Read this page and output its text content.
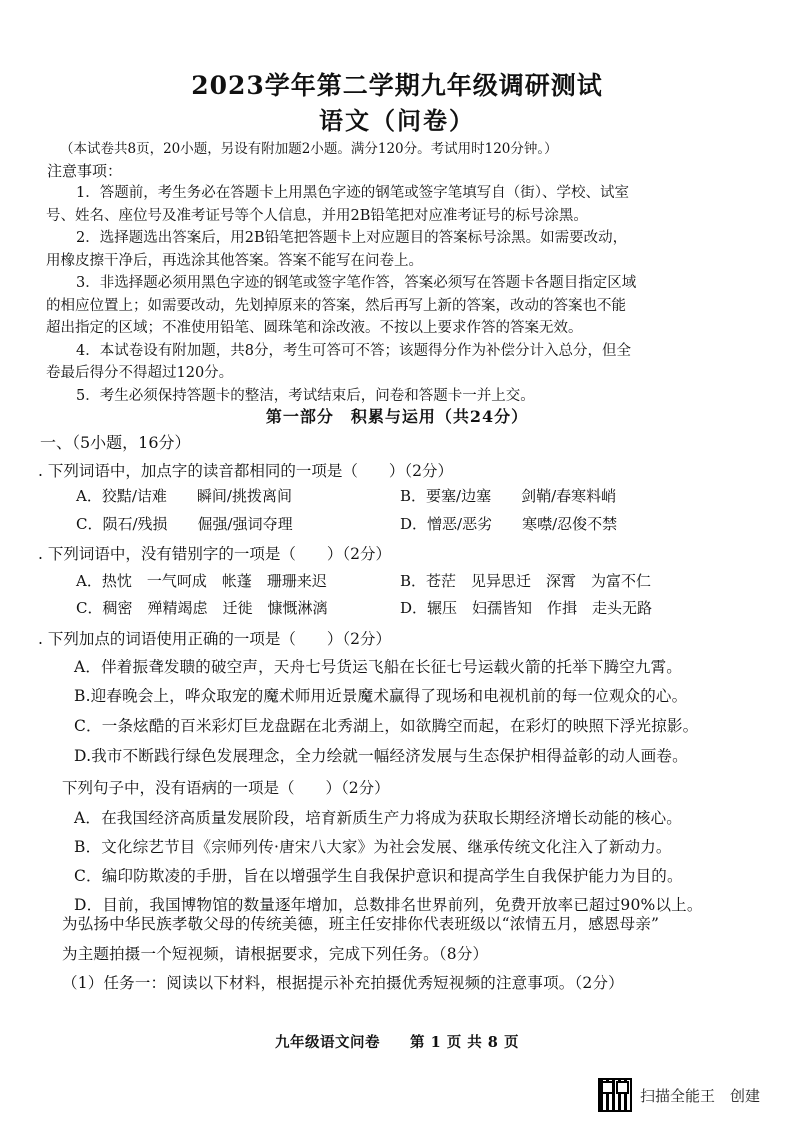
2023学年第二学期九年级调研测试
语文（问卷）
（本试卷共8页，20小题，另设有附加题2小题。满分120分。考试用时120分钟。）
注意事项：

1．答题前，考生务必在答题卡上用黑色字迹的钢笔或签字笔填写自（街）、学校、试室

号、姓名、座位号及准考证号等个人信息，并用2B铅笔把对应准考证号的标号涂黑。

2．选择题选出答案后，用2B铅笔把答题卡上对应题目的答案标号涂黑。如需要改动，

用橡皮擦干净后，再选涂其他答案。答案不能写在问卷上。

3．非选择题必须用黑色字迹的钢笔或签字笔作答，答案必须写在答题卡各题目指定区域

的相应位置上；如需要改动，先划掉原来的答案，然后再写上新的答案，改动的答案也不能

超出指定的区域；不准使用铅笔、圆珠笔和涂改液。不按以上要求作答的答案无效。

4．本试卷设有附加题，共8分，考生可答可不答；该题得分作为补偿分计入总分，但全

卷最后得分不得超过120分。

5．考生必须保持答题卡的整洁，考试结束后，问卷和答题卡一并上交。

第一部分　积累与运用（共24分）
一、（5小题，16分）
. 下列词语中，加点字的读音都相同的一项是（　　）（2分）
A．狡黠/诘难　　瞬间/挑拨离间	B．要塞/边塞　　剑鞘/春寒料峭
C．陨石/残损　　倔强/强词夺理	D．憎恶/恶劣　　寒噤/忍俊不禁
. 下列词语中，没有错别字的一项是（　　）（2分）
A．热忱　一气呵成　帐蓬　珊珊来迟	B．苍茫　见异思迁　深霄　为富不仁
C．稠密　殚精竭虑　迁徙　慷慨淋漓	D．辗压　妇孺皆知　作揖　走头无路
. 下列加点的词语使用正确的一项是（　　）（2分）
A．伴着振聋发聩的破空声，天舟七号货运飞船在长征七号运载火箭的托举下腾空九霄。
B.迎春晚会上，哗众取宠的魔术师用近景魔术赢得了现场和电视机前的每一位观众的心。
C．一条炫酷的百米彩灯巨龙盘踞在北秀湖上，如欲腾空而起，在彩灯的映照下浮光掠影。
D.我市不断践行绿色发展理念，全力绘就一幅经济发展与生态保护相得益彰的动人画卷。
下列句子中，没有语病的一项是（　　）（2分）
A．在我国经济高质量发展阶段，培育新质生产力将成为获取长期经济增长动能的核心。
B．文化综艺节目《宗师列传·唐宋八大家》为社会发展、继承传统文化注入了新动力。
C．编印防欺凌的手册，旨在以增强学生自我保护意识和提高学生自我保护能力为目的。
D．目前，我国博物馆的数量逐年增加，总数排名世界前列，免费开放率已超过90%以上。
为弘扬中华民族孝敬父母的传统美德，班主任安排你代表班级以“浓情五月，感恩母亲”
为主题拍摄一个短视频，请根据要求，完成下列任务。（8分）
（1）任务一：阅读以下材料，根据提示补充拍摄优秀短视频的注意事项。（2分）
九年级语文问卷　　第 1 页 共 8 页
扫描全能王　创建
